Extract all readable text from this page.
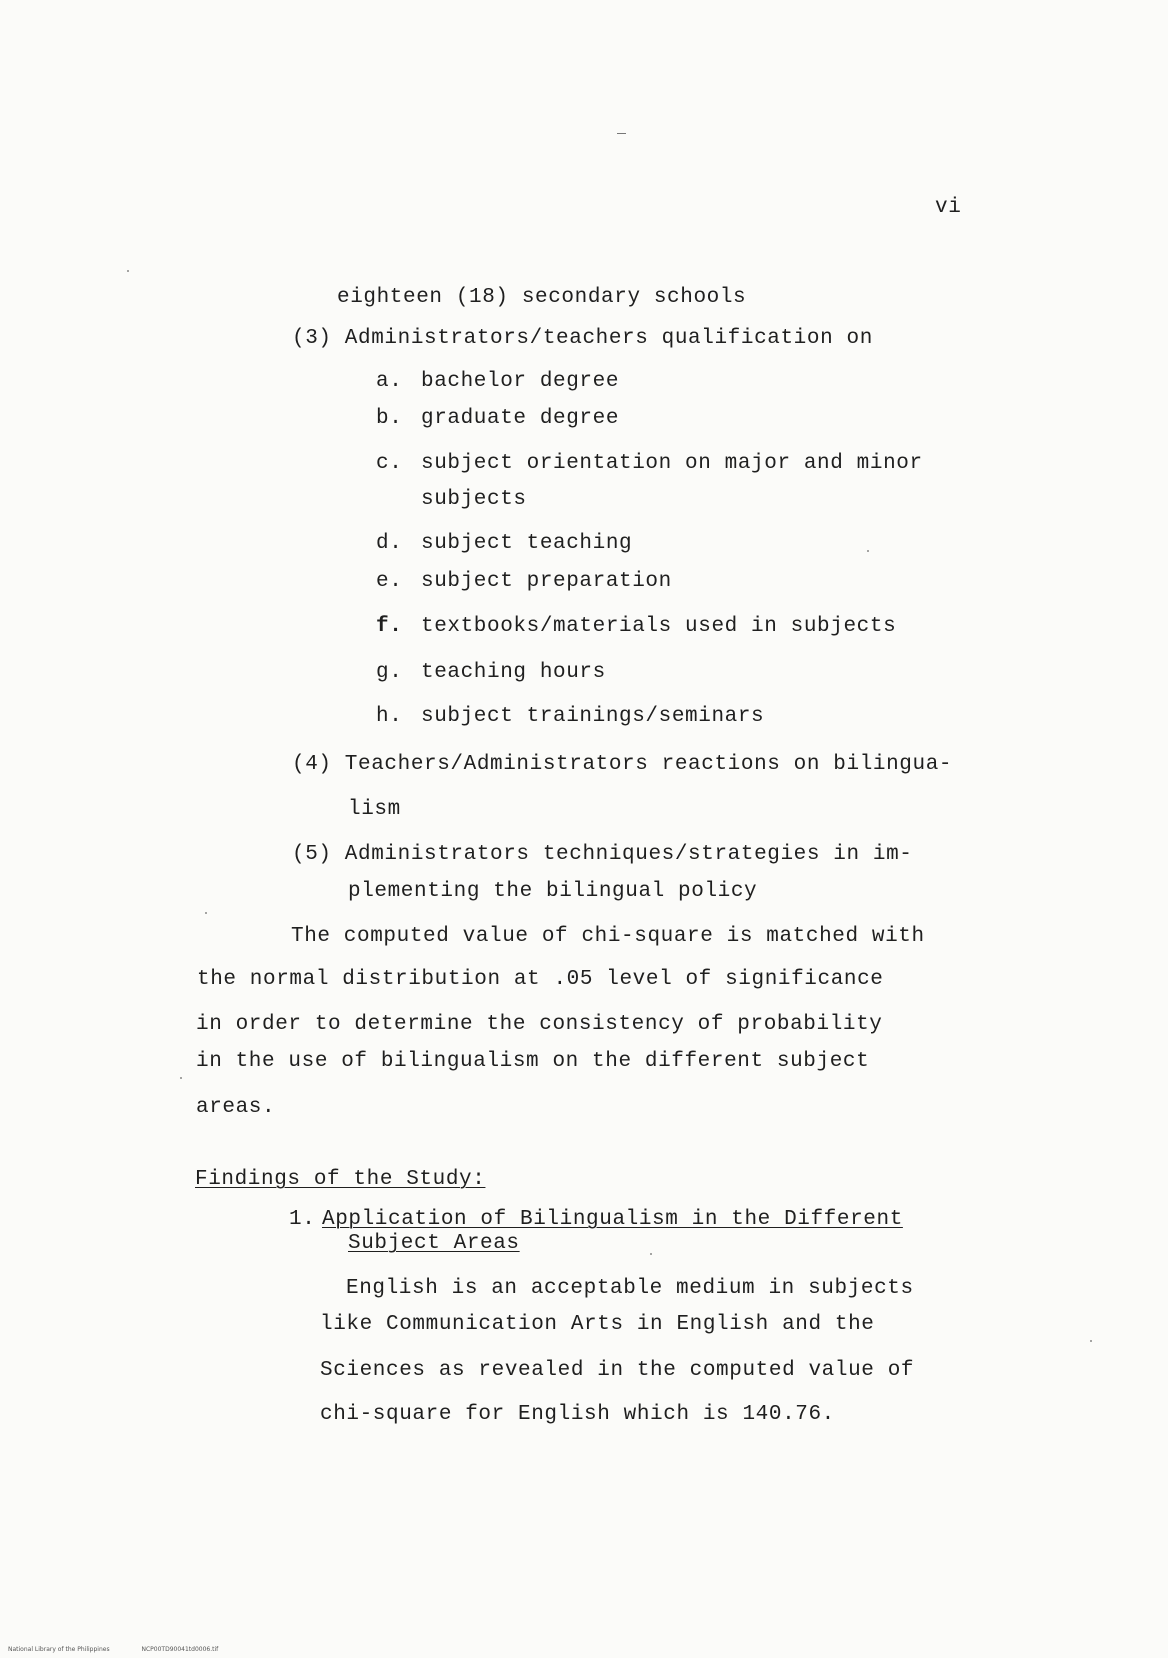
vi
eighteen (18) secondary schools
(3) Administrators/teachers qualification on
a. bachelor degree
b. graduate degree
c. subject orientation on major and minor
subjects
d. subject teaching
e. subject preparation
f. textbooks/materials used in subjects
g. teaching hours
h. subject trainings/seminars
(4) Teachers/Administrators reactions on bilingua-
lism
(5) Administrators techniques/strategies in im-
plementing the bilingual policy
The computed value of chi-square is matched with
the normal distribution at .05 level of significance
in order to determine the consistency of probability
in the use of bilingualism on the different subject
areas.
Findings of the Study:
1. Application of Bilingualism in the Different
Subject Areas
English is an acceptable medium in subjects
like Communication Arts in English and the
Sciences as revealed in the computed value of
chi-square for English which is 140.76.
National Library of the Philippines	NCP00TD90041td0006.tif
